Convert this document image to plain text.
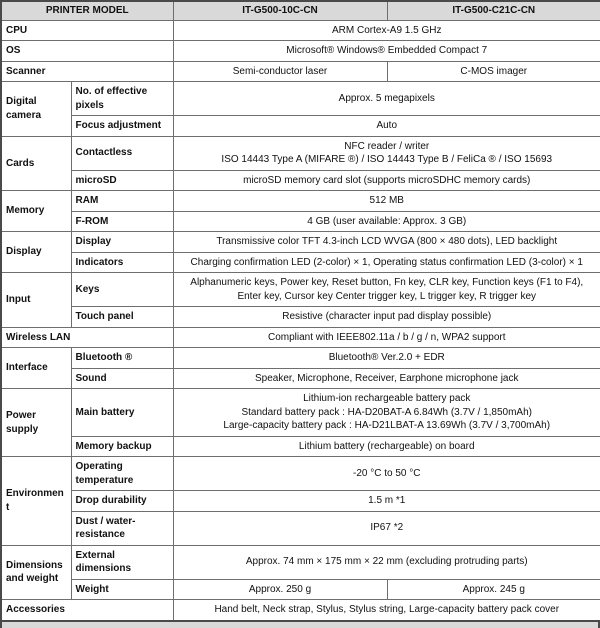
PRINTER MODEL		IT-G500-10C-CN	IT-G500-C21C-CN
CPU		ARM Cortex-A9 1.5 GHz	
OS		Microsoft® Windows® Embedded Compact 7	
Scanner		Semi-conductor laser	C-MOS imager
Digital camera	No. of effective pixels	Approx. 5 megapixels	
	Focus adjustment	Auto	
Cards	Contactless	NFC reader / writer
ISO 14443 Type A (MIFARE ®) / ISO 14443 Type B / FeliCa ® / ISO 15693	

	microSD	microSD memory card slot (supports microSDHC memory cards)	
Memory	RAM	512 MB	
	F-ROM	4 GB (user available: Approx. 3 GB)	
Display	Display	Transmissive color TFT 4.3-inch LCD WVGA (800 × 480 dots), LED backlight	
	Indicators	Charging confirmation LED (2-color) × 1, Operating status confirmation LED (3-color) × 1	
Input	Keys	Alphanumeric keys, Power key, Reset button, Fn key, CLR key, Function keys (F1 to F4), Enter key, Cursor key Center trigger key, L trigger key, R trigger key	
	Touch panel	Resistive (character input pad display possible)	
Wireless LAN		Compliant with IEEE802.11a / b / g / n, WPA2 support	
Interface	Bluetooth ®	Bluetooth® Ver.2.0 + EDR	
	Sound	Speaker, Microphone, Receiver, Earphone microphone jack	
Power supply	Main battery	Lithium-ion rechargeable battery pack
Standard battery pack : HA-D20BAT-A 6.84Wh (3.7V / 1,850mAh)
Large-capacity battery pack : HA-D21LBAT-A 13.69Wh (3.7V / 3,700mAh)	

	Memory backup	Lithium battery (rechargeable) on board	
Environment	Operating temperature	-20 °C to 50 °C	
	Drop durability	1.5 m *1	
	Dust / water-resistance	IP67 *2	
Dimensions and weight	External dimensions	Approx. 74 mm × 175 mm × 22 mm (excluding protruding parts)	
	Weight	Approx. 250 g	Approx. 245 g
Accessories		Hand belt, Neck strap, Stylus, Stylus string, Large-capacity battery pack cover	
